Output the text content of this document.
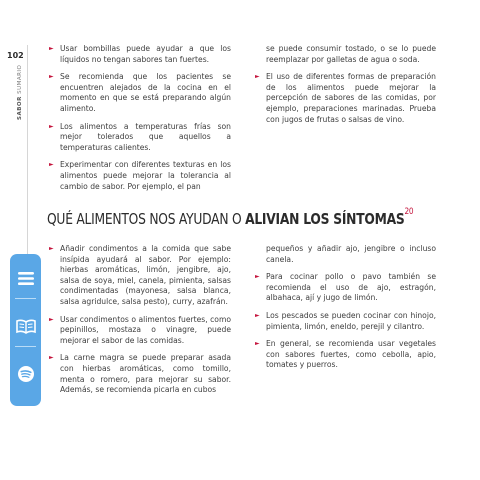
102
SABOR SUMARIO
► Usar bombillas puede ayudar a que los líquidos no tengan sabores tan fuertes.
► Se recomienda que los pacientes se encuentren alejados de la cocina en el momento en que se está preparando algún alimento.
► Los alimentos a temperaturas frías son mejor tolerados que aquellos a temperaturas calientes.
► Experimentar con diferentes texturas en los alimentos puede mejorar la tolerancia al cambio de sabor. Por ejemplo, el pan

se puede consumir tostado, o se lo puede reemplazar por galletas de agua o soda.

► El uso de diferentes formas de preparación de los alimentos puede mejorar la percepción de sabores de las comidas, por ejemplo, preparaciones marinadas. Prueba con jugos de frutas o salsas de vino.
QUÉ ALIMENTOS NOS AYUDAN O ALIVIAN LOS SÍNTOMAS$^{20}$
► Añadir condimentos a la comida que sabe insípida ayudará al sabor. Por ejemplo: hierbas aromáticas, limón, jengibre, ajo, salsa de soya, miel, canela, pimienta, salsas condimentadas (mayonesa, salsa blanca, salsa agridulce, salsa pesto), curry, azafrán.
► Usar condimentos o alimentos fuertes, como pepinillos, mostaza o vinagre, puede mejorar el sabor de las comidas.
► La carne magra se puede preparar asada con hierbas aromáticas, como tomillo, menta o romero, para mejorar su sabor. Además, se recomienda picarla en cubos

pequeños y añadir ajo, jengibre o incluso canela.

► Para cocinar pollo o pavo también se recomienda el uso de ajo, estragón, albahaca, ají y jugo de limón.
► Los pescados se pueden cocinar con hinojo, pimienta, limón, eneldo, perejil y cilantro.
► En general, se recomienda usar vegetales con sabores fuertes, como cebolla, apio, tomates y puerros.
